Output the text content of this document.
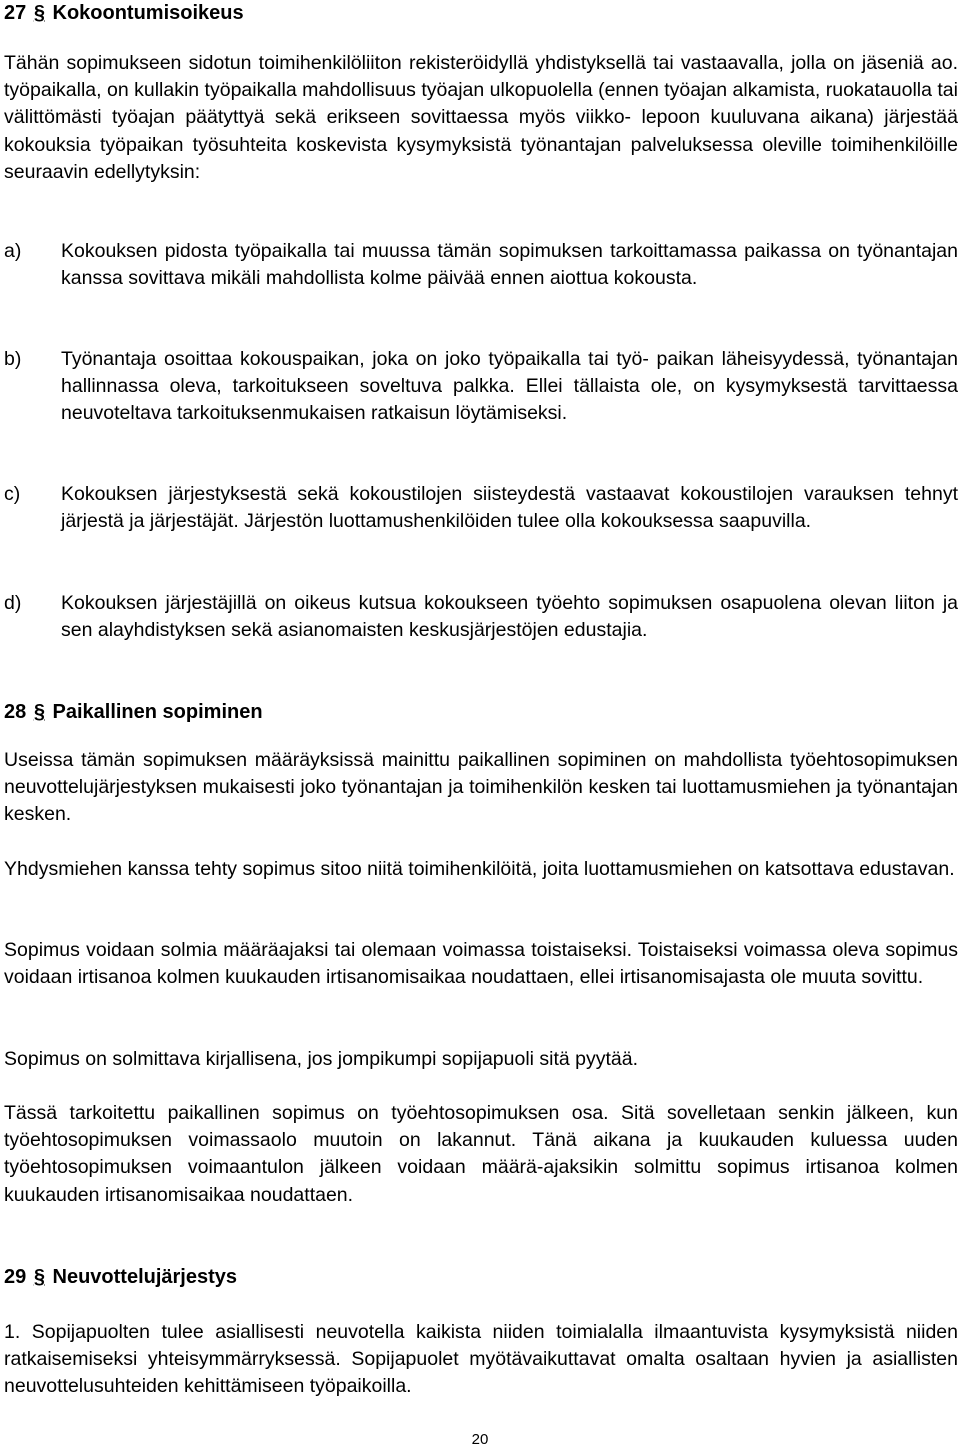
27 § Kokoontumisoikeus

Tähän sopimukseen sidotun toimihenkilöliiton rekisteröidyllä yhdistyksellä tai vastaavalla, jolla on jäseniä ao. työpaikalla, on kullakin työpaikalla mahdollisuus työajan ulkopuolella (ennen työajan alkamista, ruokatauolla tai välittömästi työajan päätyttyä sekä erikseen sovittaessa myös viikko- lepoon kuuluvana aikana) järjestää kokouksia työpaikan työsuhteita koskevista kysymyksistä työnantajan palveluksessa oleville toimihenkilöille seuraavin edellytyksin:

a)	Kokouksen pidosta työpaikalla tai muussa tämän sopimuksen tarkoittamassa paikassa on työnantajan kanssa sovittava mikäli mahdollista kolme päivää ennen aiottua kokousta.
b)	Työnantaja osoittaa kokouspaikan, joka on joko työpaikalla tai työ- paikan läheisyydessä, työnantajan hallinnassa oleva, tarkoitukseen soveltuva palkka. Ellei tällaista ole, on kysymyksestä tarvittaessa neuvoteltava tarkoituksenmukaisen ratkaisun löytämiseksi.
c)	Kokouksen järjestyksestä sekä kokoustilojen siisteydestä vastaavat kokoustilojen varauksen tehnyt järjestä ja järjestäjät. Järjestön luottamushenkilöiden tulee olla kokouksessa saapuvilla.
d)	Kokouksen järjestäjillä on oikeus kutsua kokoukseen työehto sopimuksen osapuolena olevan liiton ja sen alayhdistyksen sekä asianomaisten keskusjärjestöjen edustajia.
28 § Paikallinen sopiminen

Useissa tämän sopimuksen määräyksissä mainittu paikallinen sopiminen on mahdollista työehtosopimuksen neuvottelujärjestyksen mukaisesti joko työnantajan ja toimihenkilön kesken tai luottamusmiehen ja työnantajan kesken.

Yhdysmiehen kanssa tehty sopimus sitoo niitä toimihenkilöitä, joita luottamusmiehen on katsottava edustavan.

Sopimus voidaan solmia määräajaksi tai olemaan voimassa toistaiseksi. Toistaiseksi voimassa oleva sopimus voidaan irtisanoa kolmen kuukauden irtisanomisaikaa noudattaen, ellei irtisanomisajasta ole muuta sovittu.

Sopimus on solmittava kirjallisena, jos jompikumpi sopijapuoli sitä pyytää.

Tässä tarkoitettu paikallinen sopimus on työehtosopimuksen osa. Sitä sovelletaan senkin jälkeen, kun työehtosopimuksen voimassaolo muutoin on lakannut. Tänä aikana ja kuukauden kuluessa uuden työehtosopimuksen voimaantulon jälkeen voidaan määrä-ajaksikin solmittu sopimus irtisanoa kolmen kuukauden irtisanomisaikaa noudattaen.

29 § Neuvottelujärjestys

1. Sopijapuolten tulee asiallisesti neuvotella kaikista niiden toimialalla ilmaantuvista kysymyksistä niiden ratkaisemiseksi yhteisymmärryksessä. Sopijapuolet myötävaikuttavat omalta osaltaan hyvien ja asiallisten neuvottelusuhteiden kehittämiseen työpaikoilla.

20
